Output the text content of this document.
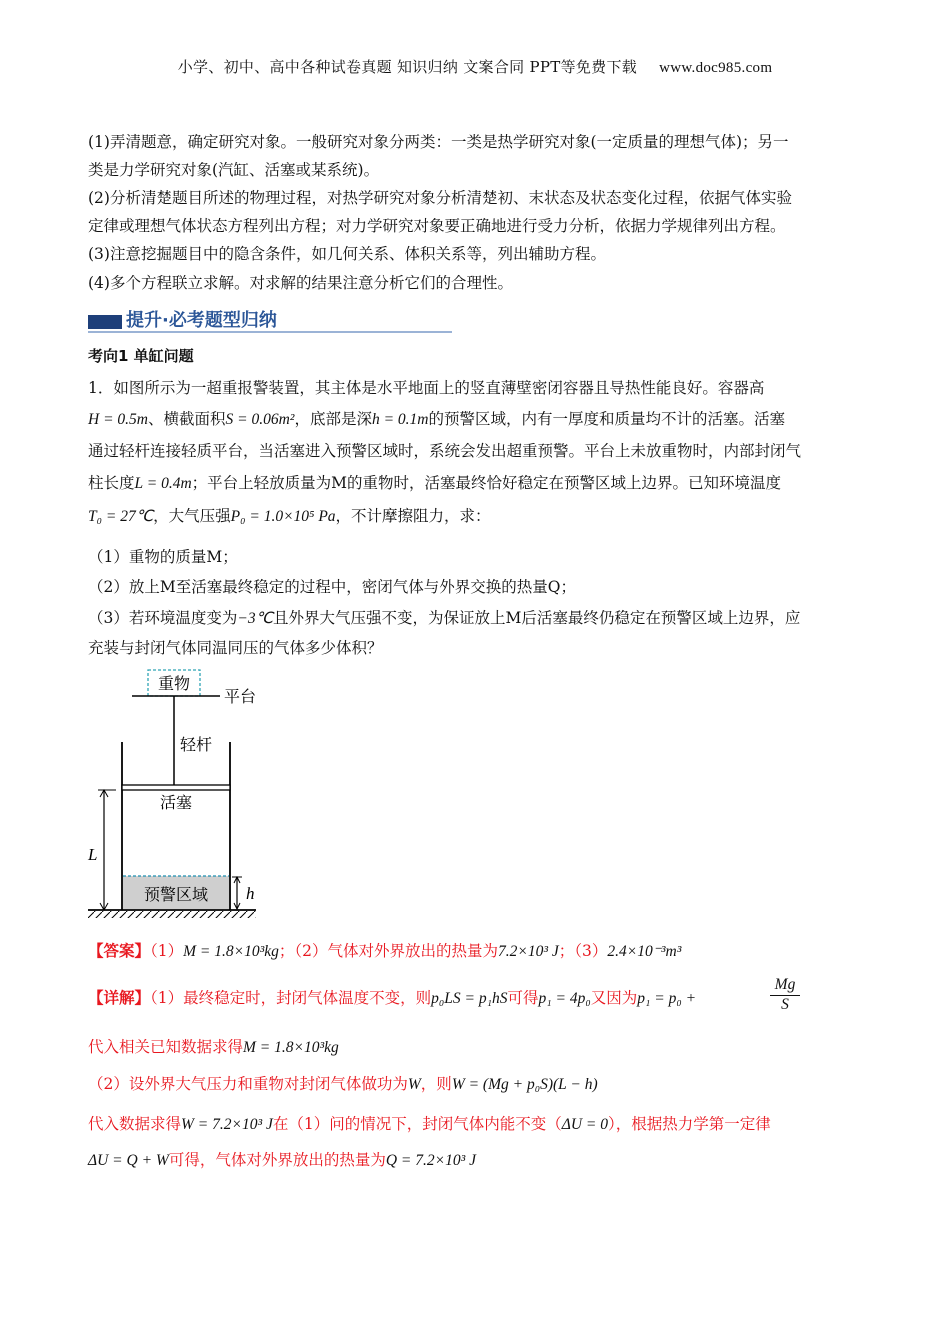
小学、初中、高中各种试卷真题 知识归纳 文案合同 PPT等免费下载 www.doc985.com
(1)弄清题意，确定研究对象。一般研究对象分两类：一类是热学研究对象(一定质量的理想气体)；另一
类是力学研究对象(汽缸、活塞或某系统)。
(2)分析清楚题目所述的物理过程，对热学研究对象分析清楚初、末状态及状态变化过程，依据气体实验
定律或理想气体状态方程列出方程；对力学研究对象要正确地进行受力分析，依据力学规律列出方程。
(3)注意挖掘题目中的隐含条件，如几何关系、体积关系等，列出辅助方程。
(4)多个方程联立求解。对求解的结果注意分析它们的合理性。
提升·必考题型归纳
考向1 单缸问题
1．如图所示为一超重报警装置，其主体是水平地面上的竖直薄壁密闭容器且导热性能良好。容器高
H = 0.5m、横截面积S = 0.06m²，底部是深h = 0.1m的预警区域，内有一厚度和质量均不计的活塞。活塞
通过轻杆连接轻质平台，当活塞进入预警区域时，系统会发出超重预警。平台上未放重物时，内部封闭气
柱长度L = 0.4m；平台上轻放质量为M的重物时，活塞最终恰好稳定在预警区域上边界。已知环境温度
T₀ = 27℃，大气压强P₀ = 1.0×10⁵ Pa，不计摩擦阻力，求：
（1）重物的质量M；
（2）放上M至活塞最终稳定的过程中，密闭气体与外界交换的热量Q；
（3）若环境温度变为−3℃且外界大气压强不变，为保证放上M后活塞最终仍稳定在预警区域上边界，应
充装与封闭气体同温同压的气体多少体积？
重物
平台
轻杆
活塞
预警区域
L
h
【答案】（1）M = 1.8×10³kg；（2）气体对外界放出的热量为7.2×10³ J；（3）2.4×10⁻³m³
【详解】（1）最终稳定时，封闭气体温度不变，则p₀LS = p₁hS可得p₁ = 4p₀又因为p₁ = p₀ +	$\frac{Mg}{S}$
代入相关已知数据求得M = 1.8×10³kg
（2）设外界大气压力和重物对封闭气体做功为W，则W = (Mg + p₀S)(L − h)
代入数据求得W = 7.2×10³ J在（1）问的情况下，封闭气体内能不变（ΔU = 0），根据热力学第一定律
ΔU = Q + W可得，气体对外界放出的热量为Q = 7.2×10³ J
